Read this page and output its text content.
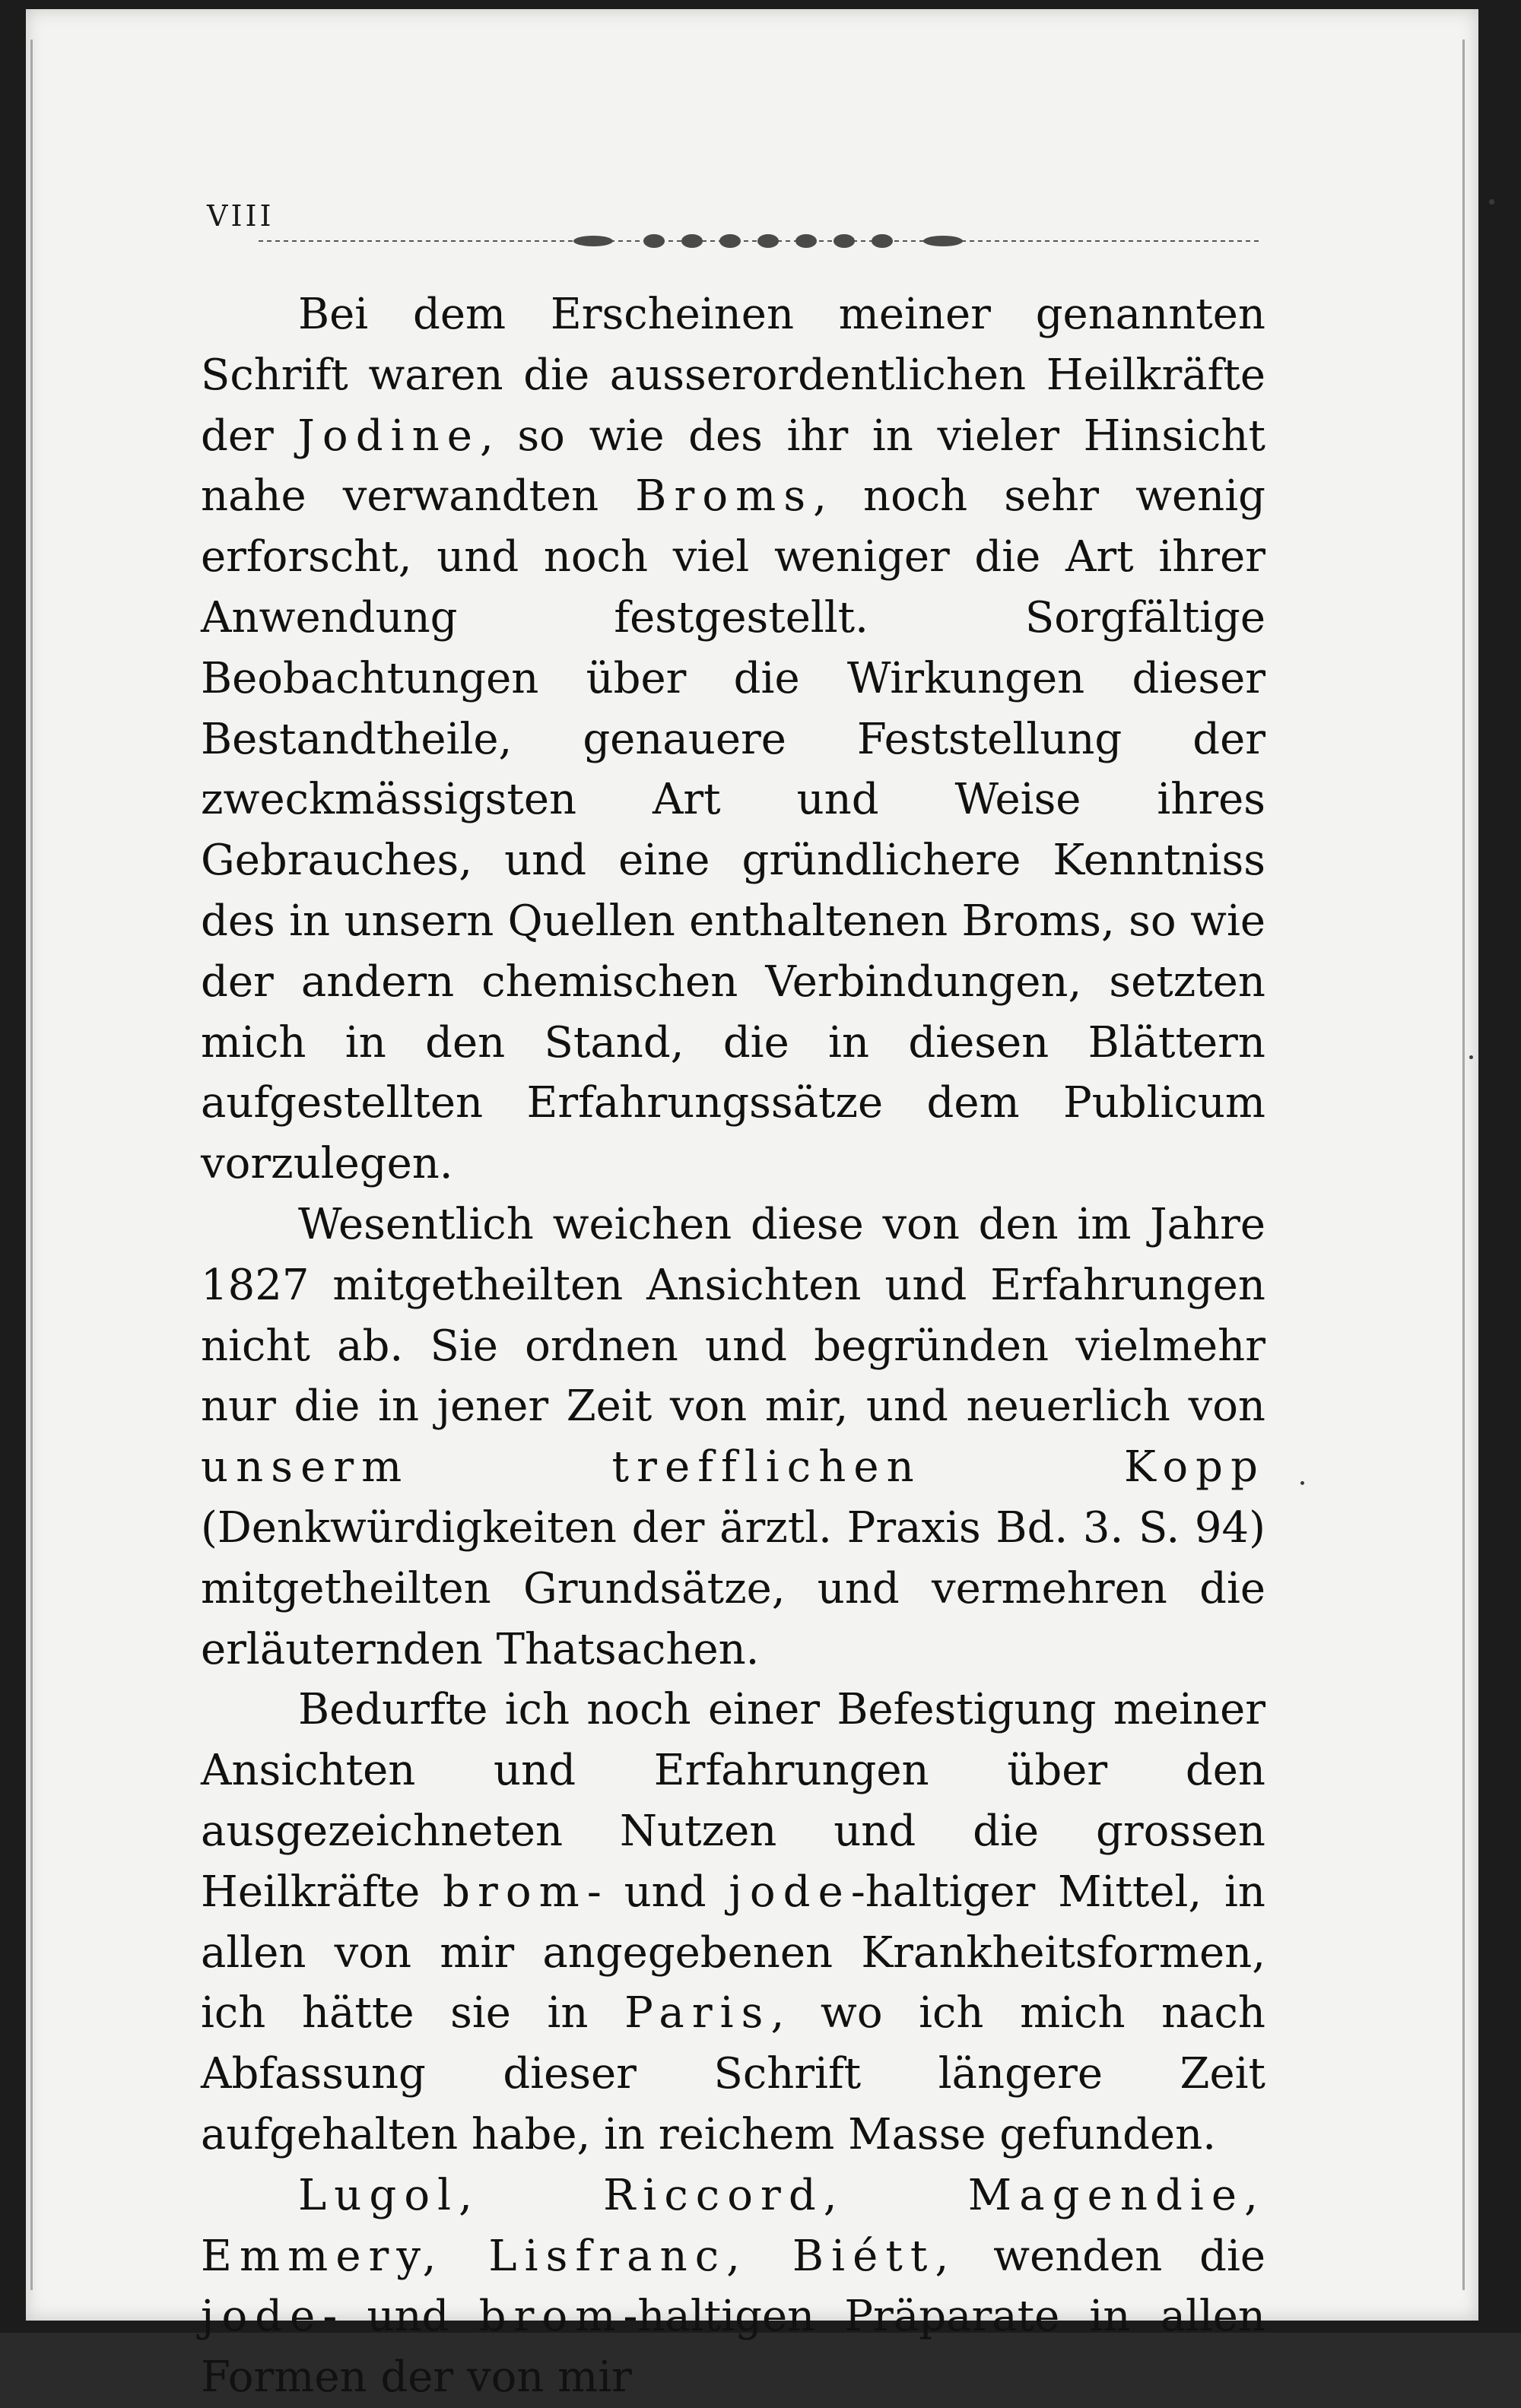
VIII

Bei dem Erscheinen meiner genannten Schrift waren die ausserordentlichen Heilkräfte der Jodine, so wie des ihr in vieler Hinsicht nahe verwandten Broms, noch sehr wenig erforscht, und noch viel weniger die Art ihrer Anwendung festgestellt. Sorgfältige Beobachtungen über die Wirkungen dieser Bestandtheile, genauere Feststellung der zweckmässigsten Art und Weise ihres Gebrauches, und eine gründlichere Kenntniss des in unsern Quellen enthaltenen Broms, so wie der andern chemischen Verbindungen, setzten mich in den Stand, die in diesen Blättern aufgestellten Erfahrungssätze dem Publicum vorzulegen.

Wesentlich weichen diese von den im Jahre 1827 mitgetheilten Ansichten und Erfahrungen nicht ab. Sie ordnen und begründen vielmehr nur die in jener Zeit von mir, und neuerlich von unserm trefflichen Kopp (Denkwürdigkeiten der ärztl. Praxis Bd. 3. S. 94) mitgetheilten Grundsätze, und vermehren die erläuternden Thatsachen.

Bedurfte ich noch einer Befestigung meiner Ansichten und Erfahrungen über den ausgezeichneten Nutzen und die grossen Heilkräfte brom- und jode-haltiger Mittel, in allen von mir angegebenen Krankheitsformen, ich hätte sie in Paris, wo ich mich nach Abfassung dieser Schrift längere Zeit aufgehalten habe, in reichem Masse gefunden.

Lugol, Riccord, Magendie, Emmery, Lisfranc, Biétt, wenden die jode- und brom-haltigen Präparate in allen Formen der von mir
